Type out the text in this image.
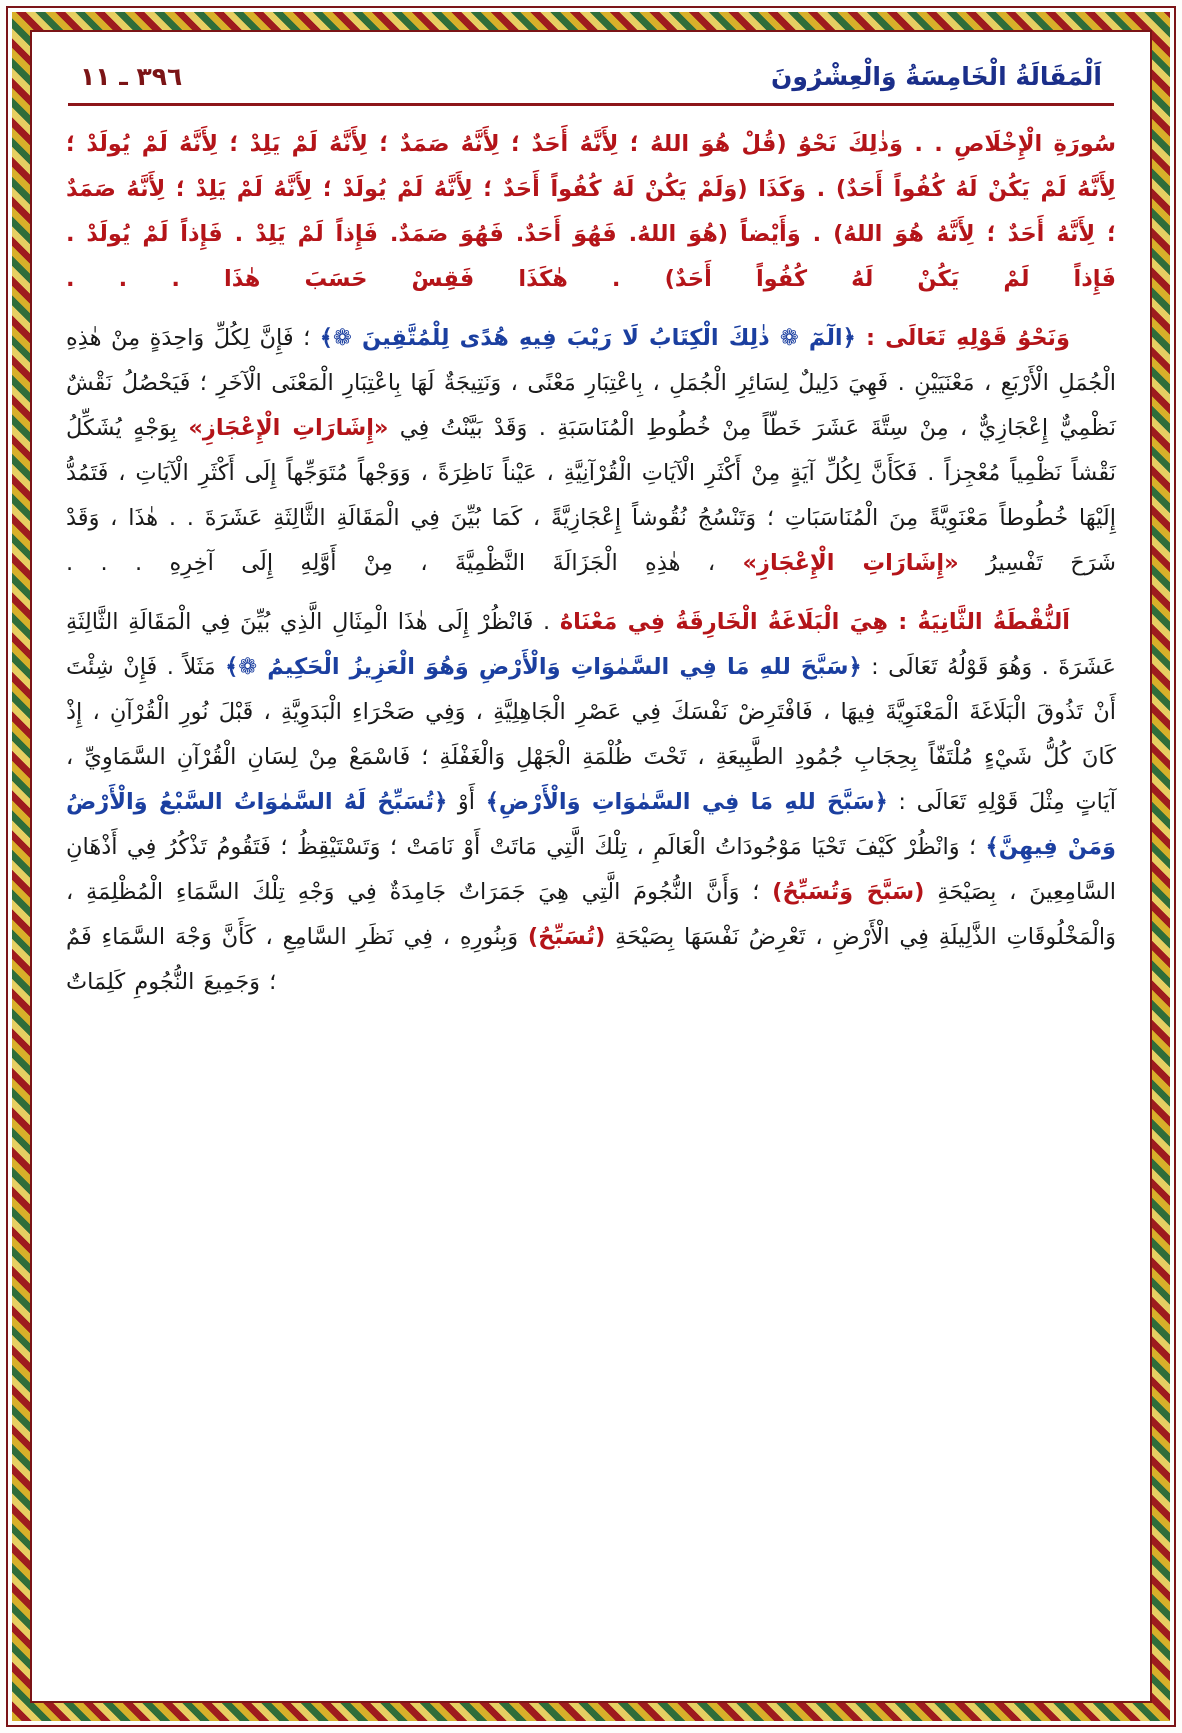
اَلْمَقَالَةُ الْخَامِسَةُ وَالْعِشْرُونَ
٣٩٦ ـ ١١
سُورَةِ الْإِخْلَاصِ . . وَذٰلِكَ نَحْوُ (قُلْ هُوَ اللهُ ؛ لِأَنَّهُ أَحَدٌ ؛ لِأَنَّهُ صَمَدٌ ؛ لِأَنَّهُ لَمْ يَلِدْ ؛ لِأَنَّهُ لَمْ يُولَدْ ؛ لِأَنَّهُ لَمْ يَكُنْ لَهُ كُفُواً أَحَدٌ) . وَكَذَا (وَلَمْ يَكُنْ لَهُ كُفُواً أَحَدٌ ؛ لِأَنَّهُ لَمْ يُولَدْ ؛ لِأَنَّهُ لَمْ يَلِدْ ؛ لِأَنَّهُ صَمَدٌ ؛ لِأَنَّهُ أَحَدٌ ؛ لِأَنَّهُ هُوَ اللهُ) . وَأَيْضاً (هُوَ اللهُ. فَهُوَ أَحَدٌ. فَهُوَ صَمَدٌ. فَإِذاً لَمْ يَلِدْ . فَإِذاً لَمْ يُولَدْ . فَإِذاً لَمْ يَكُنْ لَهُ كُفُواً أَحَدٌ) . هٰكَذَا فَقِسْ حَسَبَ هٰذَا . . .
وَنَحْوُ قَوْلِهِ تَعَالَى : ﴿الٓمٓ ❁ ذٰلِكَ الْكِتَابُ لَا رَيْبَ فِيهِ هُدًى لِلْمُتَّقِينَ ❁﴾ ؛ فَإِنَّ لِكُلِّ وَاحِدَةٍ مِنْ هٰذِهِ الْجُمَلِ الْأَرْبَعِ ، مَعْنَيَيْنِ . فَهِيَ دَلِيلٌ لِسَائِرِ الْجُمَلِ ، بِاعْتِبَارِ مَعْنًى ، وَنَتِيجَةٌ لَهَا بِاعْتِبَارِ الْمَعْنَى الْآخَرِ ؛ فَيَحْصُلُ نَقْشٌ نَظْمِيٌّ إِعْجَازِيٌّ ، مِنْ سِتَّةَ عَشَرَ خَطّاً مِنْ خُطُوطِ الْمُنَاسَبَةِ . وَقَدْ بَيَّنْتُ فِي «إِشَارَاتِ الْإِعْجَازِ» بِوَجْهٍ يُشَكِّلُ نَقْشاً نَظْمِياً مُعْجِزاً . فَكَأَنَّ لِكُلِّ آيَةٍ مِنْ أَكْثَرِ الْآيَاتِ الْقُرْآنِيَّةِ ، عَيْناً نَاظِرَةً ، وَوَجْهاً مُتَوَجِّهاً إِلَى أَكْثَرِ الْآيَاتِ ، فَتَمُدُّ إِلَيْهَا خُطُوطاً مَعْنَوِيَّةً مِنَ الْمُنَاسَبَاتِ ؛ وَتَنْسُجُ نُقُوشاً إِعْجَازِيَّةً ، كَمَا بُيِّنَ فِي الْمَقَالَةِ الثَّالِثَةِ عَشَرَةَ . . هٰذَا ، وَقَدْ شَرَحَ تَفْسِيرُ «إِشَارَاتِ الْإِعْجَازِ» ، هٰذِهِ الْجَزَالَةَ النَّظْمِيَّةَ ، مِنْ أَوَّلِهِ إِلَى آخِرِهِ . . .
اَلنُّقْطَةُ الثَّانِيَةُ : هِيَ الْبَلَاغَةُ الْخَارِقَةُ فِي مَعْنَاهُ . فَانْظُرْ إِلَى هٰذَا الْمِثَالِ الَّذِي بُيِّنَ فِي الْمَقَالَةِ الثَّالِثَةِ عَشَرَةَ . وَهُوَ قَوْلُهُ تَعَالَى : ﴿سَبَّحَ للهِ مَا فِي السَّمٰوَاتِ وَالْأَرْضِ وَهُوَ الْعَزِيزُ الْحَكِيمُ ❁﴾ مَثَلاً . فَإِنْ شِئْتَ أَنْ تَذُوقَ الْبَلَاغَةَ الْمَعْنَوِيَّةَ فِيهَا ، فَافْتَرِضْ نَفْسَكَ فِي عَصْرِ الْجَاهِلِيَّةِ ، وَفِي صَحْرَاءِ الْبَدَوِيَّةِ ، قَبْلَ نُورِ الْقُرْآنِ ، إِذْ كَانَ كُلُّ شَيْءٍ مُلْتَفّاً بِحِجَابِ جُمُودِ الطَّبِيعَةِ ، تَحْتَ ظُلْمَةِ الْجَهْلِ وَالْغَفْلَةِ ؛ فَاسْمَعْ مِنْ لِسَانِ الْقُرْآنِ السَّمَاوِيِّ ، آيَاتٍ مِثْلَ قَوْلِهِ تَعَالَى : ﴿سَبَّحَ للهِ مَا فِي السَّمٰوَاتِ وَالْأَرْضِ﴾ أَوْ ﴿تُسَبِّحُ لَهُ السَّمٰوَاتُ السَّبْعُ وَالْأَرْضُ وَمَنْ فِيهِنَّ﴾ ؛ وَانْظُرْ كَيْفَ تَحْيَا مَوْجُودَاتُ الْعَالَمِ ، تِلْكَ الَّتِي مَاتَتْ أَوْ نَامَتْ ؛ وَتَسْتَيْقِظُ ؛ فَتَقُومُ تَذْكُرُ فِي أَذْهَانِ السَّامِعِينَ ، بِصَيْحَةِ (سَبَّحَ وَتُسَبِّحُ) ؛ وَأَنَّ النُّجُومَ الَّتِي هِيَ جَمَرَاتٌ جَامِدَةٌ فِي وَجْهِ تِلْكَ السَّمَاءِ الْمُظْلِمَةِ ، وَالْمَخْلُوقَاتِ الذَّلِيلَةِ فِي الْأَرْضِ ، تَعْرِضُ نَفْسَهَا بِصَيْحَةِ (تُسَبِّحُ) وَبِنُورِهِ ، فِي نَظَرِ السَّامِعِ ، كَأَنَّ وَجْهَ السَّمَاءِ فَمٌ ؛ وَجَمِيعَ النُّجُومِ كَلِمَاتٌ
